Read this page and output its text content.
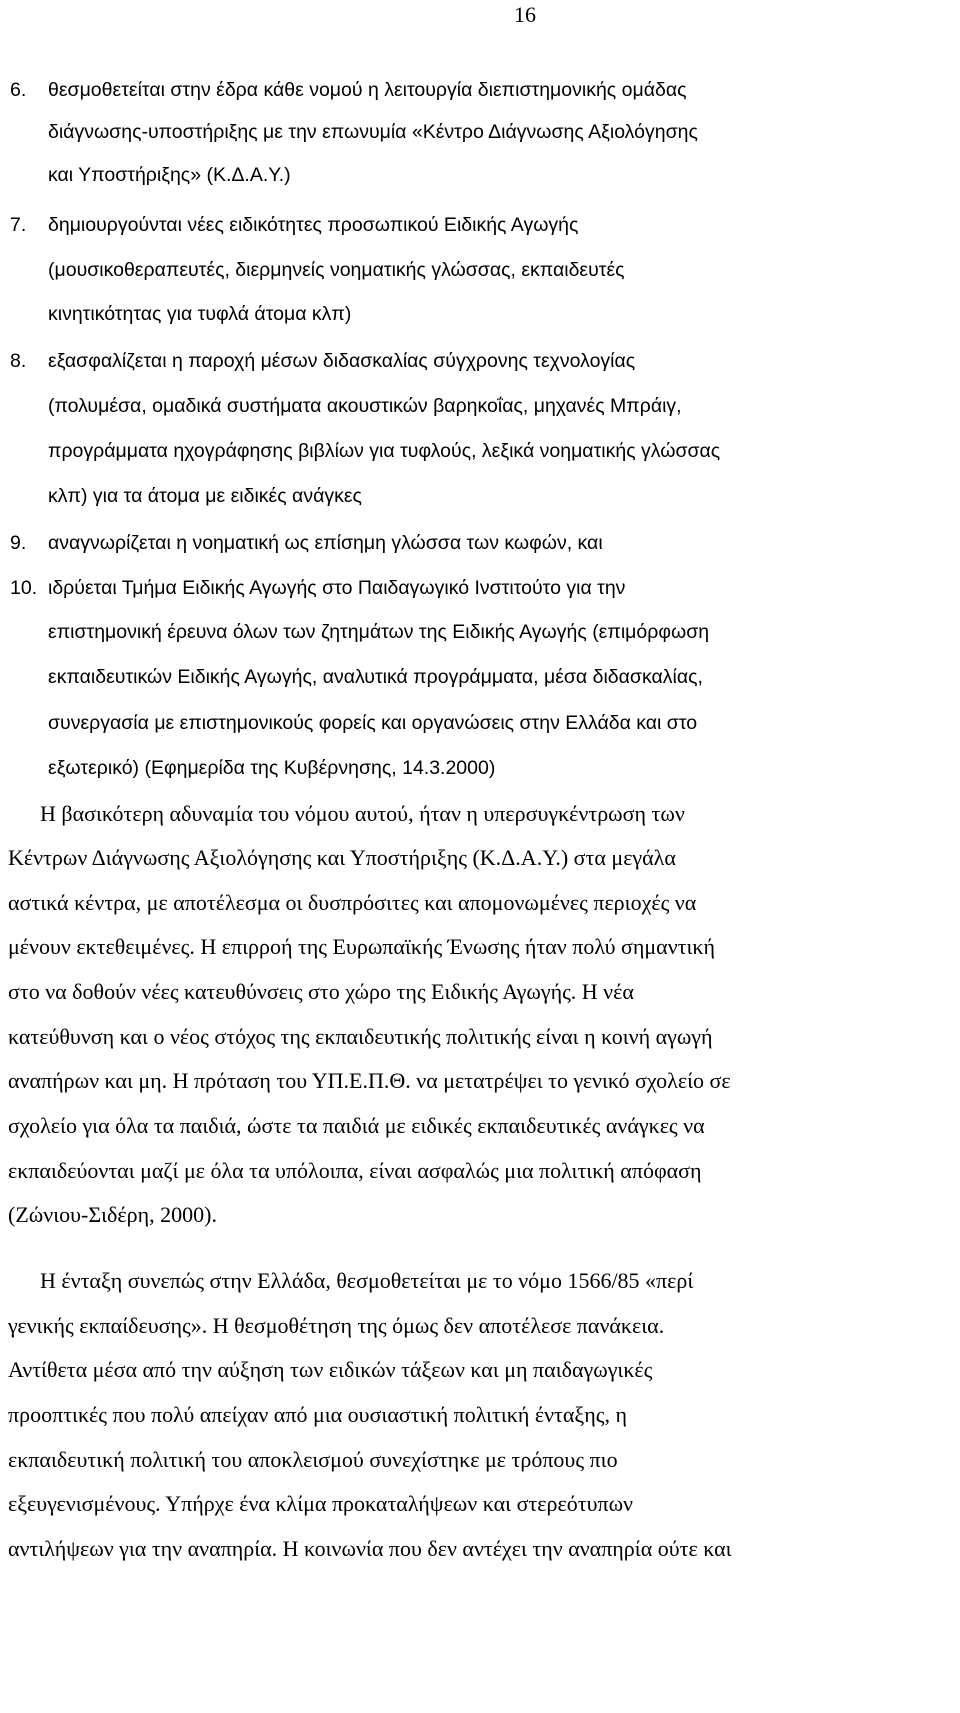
16
6. θεσμοθετείται στην έδρα κάθε νομού η λειτουργία διεπιστημονικής ομάδας
διάγνωσης-υποστήριξης με την επωνυμία «Κέντρο Διάγνωσης Αξιολόγησης
και Υποστήριξης» (Κ.Δ.Α.Υ.)
7. δημιουργούνται νέες ειδικότητες προσωπικού Ειδικής Αγωγής
(μουσικοθεραπευτές, διερμηνείς νοηματικής γλώσσας, εκπαιδευτές
κινητικότητας για τυφλά άτομα κλπ)
8. εξασφαλίζεται η παροχή μέσων διδασκαλίας σύγχρονης τεχνολογίας
(πολυμέσα, ομαδικά συστήματα ακουστικών βαρηκοΐας, μηχανές Μπράιγ,
προγράμματα ηχογράφησης βιβλίων για τυφλούς, λεξικά νοηματικής γλώσσας
κλπ) για τα άτομα με ειδικές ανάγκες
9. αναγνωρίζεται η νοηματική ως επίσημη γλώσσα των κωφών, και
10. ιδρύεται Τμήμα Ειδικής Αγωγής στο Παιδαγωγικό Ινστιτούτο για την
επιστημονική έρευνα όλων των ζητημάτων της Ειδικής Αγωγής (επιμόρφωση
εκπαιδευτικών Ειδικής Αγωγής, αναλυτικά προγράμματα, μέσα διδασκαλίας,
συνεργασία με επιστημονικούς φορείς και οργανώσεις στην Ελλάδα και στο
εξωτερικό) (Εφημερίδα της Κυβέρνησης, 14.3.2000)
Η βασικότερη αδυναμία του νόμου αυτού, ήταν η υπερσυγκέντρωση των
Κέντρων Διάγνωσης Αξιολόγησης και Υποστήριξης (Κ.Δ.Α.Υ.) στα μεγάλα
αστικά κέντρα, με αποτέλεσμα οι δυσπρόσιτες και απομονωμένες περιοχές να
μένουν εκτεθειμένες. Η επιρροή της Ευρωπαϊκής Ένωσης ήταν πολύ σημαντική
στο να δοθούν νέες κατευθύνσεις στο χώρο της Ειδικής Αγωγής. Η νέα
κατεύθυνση και ο νέος στόχος της εκπαιδευτικής πολιτικής είναι η κοινή αγωγή
αναπήρων και μη. Η πρόταση του ΥΠ.Ε.Π.Θ. να μετατρέψει το γενικό σχολείο σε
σχολείο για όλα τα παιδιά, ώστε τα παιδιά με ειδικές εκπαιδευτικές ανάγκες να
εκπαιδεύονται μαζί με όλα τα υπόλοιπα, είναι ασφαλώς μια πολιτική απόφαση
(Ζώνιου-Σιδέρη, 2000).
Η ένταξη συνεπώς στην Ελλάδα, θεσμοθετείται με το νόμο 1566/85 «περί
γενικής εκπαίδευσης». Η θεσμοθέτηση της όμως δεν αποτέλεσε πανάκεια.
Αντίθετα μέσα από την αύξηση των ειδικών τάξεων και μη παιδαγωγικές
προοπτικές που πολύ απείχαν από μια ουσιαστική πολιτική ένταξης, η
εκπαιδευτική πολιτική του αποκλεισμού συνεχίστηκε με τρόπους πιο
εξευγενισμένους. Υπήρχε ένα κλίμα προκαταλήψεων και στερεότυπων
αντιλήψεων για την αναπηρία. Η κοινωνία που δεν αντέχει την αναπηρία ούτε και
